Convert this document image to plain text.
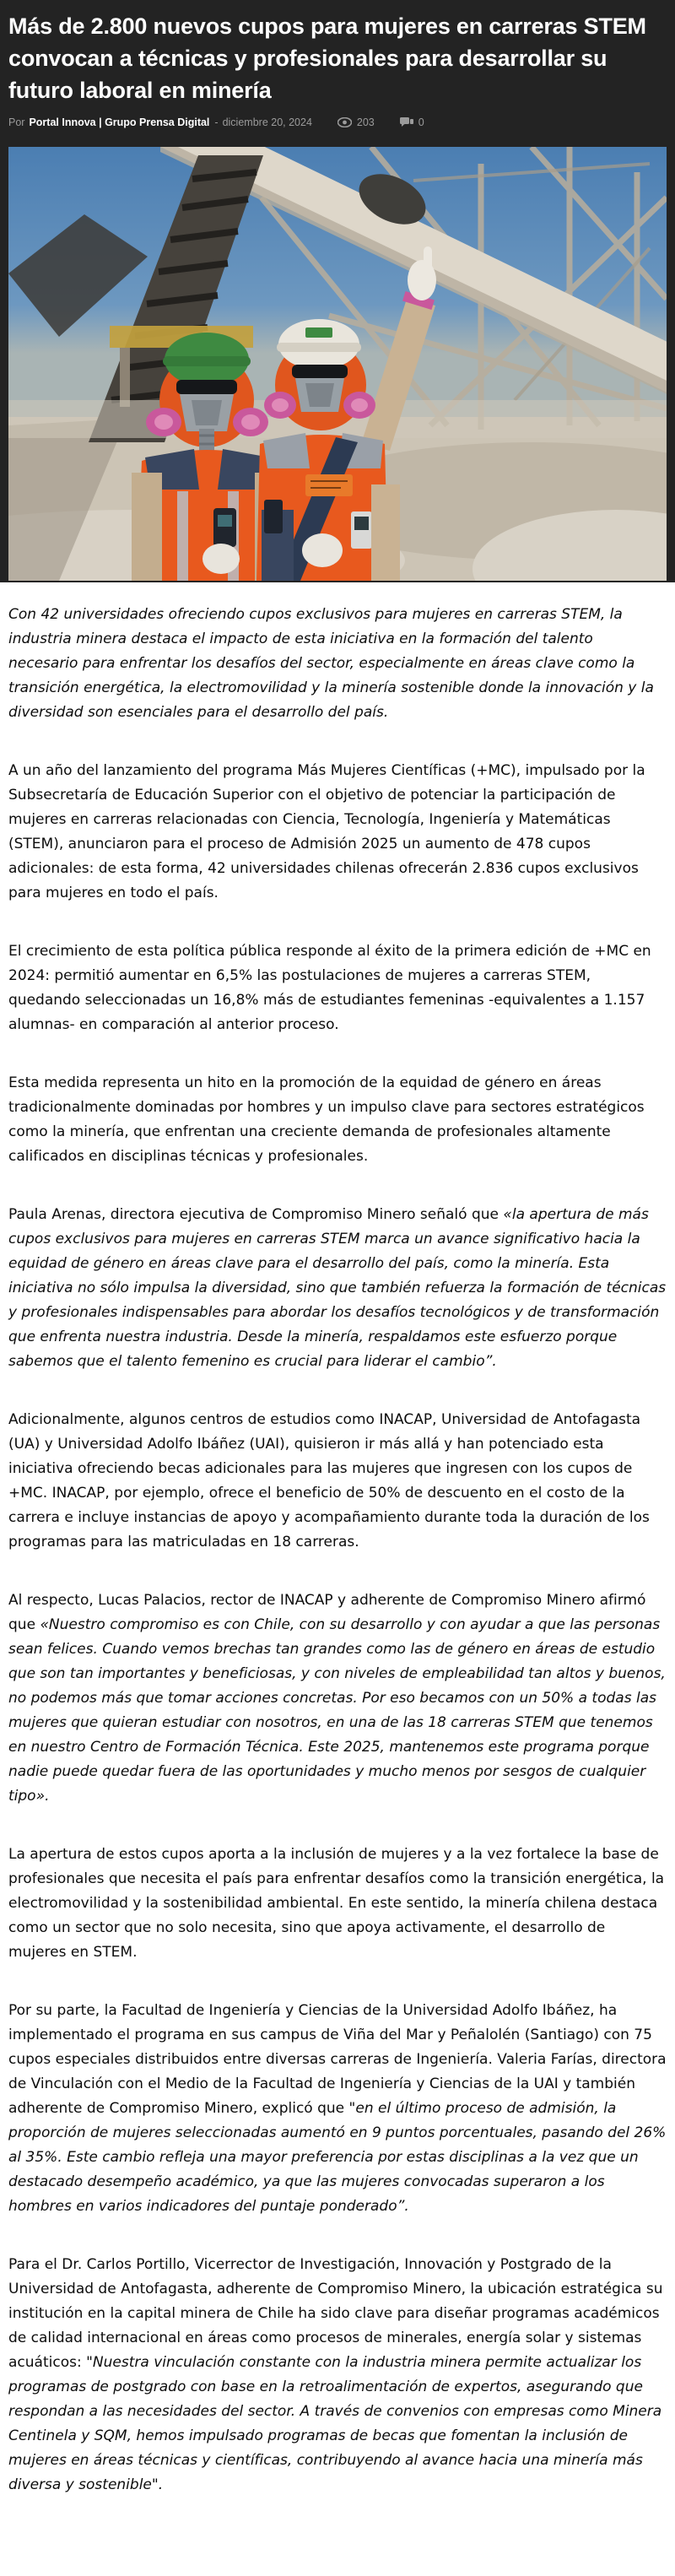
Más de 2.800 nuevos cupos para mujeres en carreras STEM convocan a técnicas y profesionales para desarrollar su futuro laboral en minería
Por Portal Innova | Grupo Prensa Digital - diciembre 20, 2024	203	0

Con 42 universidades ofreciendo cupos exclusivos para mujeres en carreras STEM, la industria minera destaca el impacto de esta iniciativa en la formación del talento necesario para enfrentar los desafíos del sector, especialmente en áreas clave como la transición energética, la electromovilidad y la minería sostenible donde la innovación y la diversidad son esenciales para el desarrollo del país.

A un año del lanzamiento del programa Más Mujeres Científicas (+MC), impulsado por la Subsecretaría de Educación Superior con el objetivo de potenciar la participación de mujeres en carreras relacionadas con Ciencia, Tecnología, Ingeniería y Matemáticas (STEM), anunciaron para el proceso de Admisión 2025 un aumento de 478 cupos adicionales: de esta forma, 42 universidades chilenas ofrecerán 2.836 cupos exclusivos para mujeres en todo el país.

El crecimiento de esta política pública responde al éxito de la primera edición de +MC en 2024: permitió aumentar en 6,5% las postulaciones de mujeres a carreras STEM, quedando seleccionadas un 16,8% más de estudiantes femeninas -equivalentes a 1.157 alumnas- en comparación al anterior proceso.

Esta medida representa un hito en la promoción de la equidad de género en áreas tradicionalmente dominadas por hombres y un impulso clave para sectores estratégicos como la minería, que enfrentan una creciente demanda de profesionales altamente calificados en disciplinas técnicas y profesionales.

Paula Arenas, directora ejecutiva de Compromiso Minero señaló que «la apertura de más cupos exclusivos para mujeres en carreras STEM marca un avance significativo hacia la equidad de género en áreas clave para el desarrollo del país, como la minería. Esta iniciativa no sólo impulsa la diversidad, sino que también refuerza la formación de técnicas y profesionales indispensables para abordar los desafíos tecnológicos y de transformación que enfrenta nuestra industria. Desde la minería, respaldamos este esfuerzo porque sabemos que el talento femenino es crucial para liderar el cambio”.

Adicionalmente, algunos centros de estudios como INACAP, Universidad de Antofagasta (UA) y Universidad Adolfo Ibáñez (UAI), quisieron ir más allá y han potenciado esta iniciativa ofreciendo becas adicionales para las mujeres que ingresen con los cupos de +MC. INACAP, por ejemplo, ofrece el beneficio de 50% de descuento en el costo de la carrera e incluye instancias de apoyo y acompañamiento durante toda la duración de los programas para las matriculadas en 18 carreras.

Al respecto, Lucas Palacios, rector de INACAP y adherente de Compromiso Minero afirmó que «Nuestro compromiso es con Chile, con su desarrollo y con ayudar a que las personas sean felices. Cuando vemos brechas tan grandes como las de género en áreas de estudio que son tan importantes y beneficiosas, y con niveles de empleabilidad tan altos y buenos, no podemos más que tomar acciones concretas. Por eso becamos con un 50% a todas las mujeres que quieran estudiar con nosotros, en una de las 18 carreras STEM que tenemos en nuestro Centro de Formación Técnica. Este 2025, mantenemos este programa porque nadie puede quedar fuera de las oportunidades y mucho menos por sesgos de cualquier tipo».

La apertura de estos cupos aporta a la inclusión de mujeres y a la vez fortalece la base de profesionales que necesita el país para enfrentar desafíos como la transición energética, la electromovilidad y la sostenibilidad ambiental. En este sentido, la minería chilena destaca como un sector que no solo necesita, sino que apoya activamente, el desarrollo de mujeres en STEM.

Por su parte, la Facultad de Ingeniería y Ciencias de la Universidad Adolfo Ibáñez, ha implementado el programa en sus campus de Viña del Mar y Peñalolén (Santiago) con 75 cupos especiales distribuidos entre diversas carreras de Ingeniería. Valeria Farías, directora de Vinculación con el Medio de la Facultad de Ingeniería y Ciencias de la UAI y también adherente de Compromiso Minero, explicó que "en el último proceso de admisión, la proporción de mujeres seleccionadas aumentó en 9 puntos porcentuales, pasando del 26% al 35%. Este cambio refleja una mayor preferencia por estas disciplinas a la vez que un destacado desempeño académico, ya que las mujeres convocadas superaron a los hombres en varios indicadores del puntaje ponderado”.

Para el Dr. Carlos Portillo, Vicerrector de Investigación, Innovación y Postgrado de la Universidad de Antofagasta, adherente de Compromiso Minero, la ubicación estratégica su institución en la capital minera de Chile ha sido clave para diseñar programas académicos de calidad internacional en áreas como procesos de minerales, energía solar y sistemas acuáticos: "Nuestra vinculación constante con la industria minera permite actualizar los programas de postgrado con base en la retroalimentación de expertos, asegurando que respondan a las necesidades del sector. A través de convenios con empresas como Minera Centinela y SQM, hemos impulsado programas de becas que fomentan la inclusión de mujeres en áreas técnicas y científicas, contribuyendo al avance hacia una minería más diversa y sostenible".
